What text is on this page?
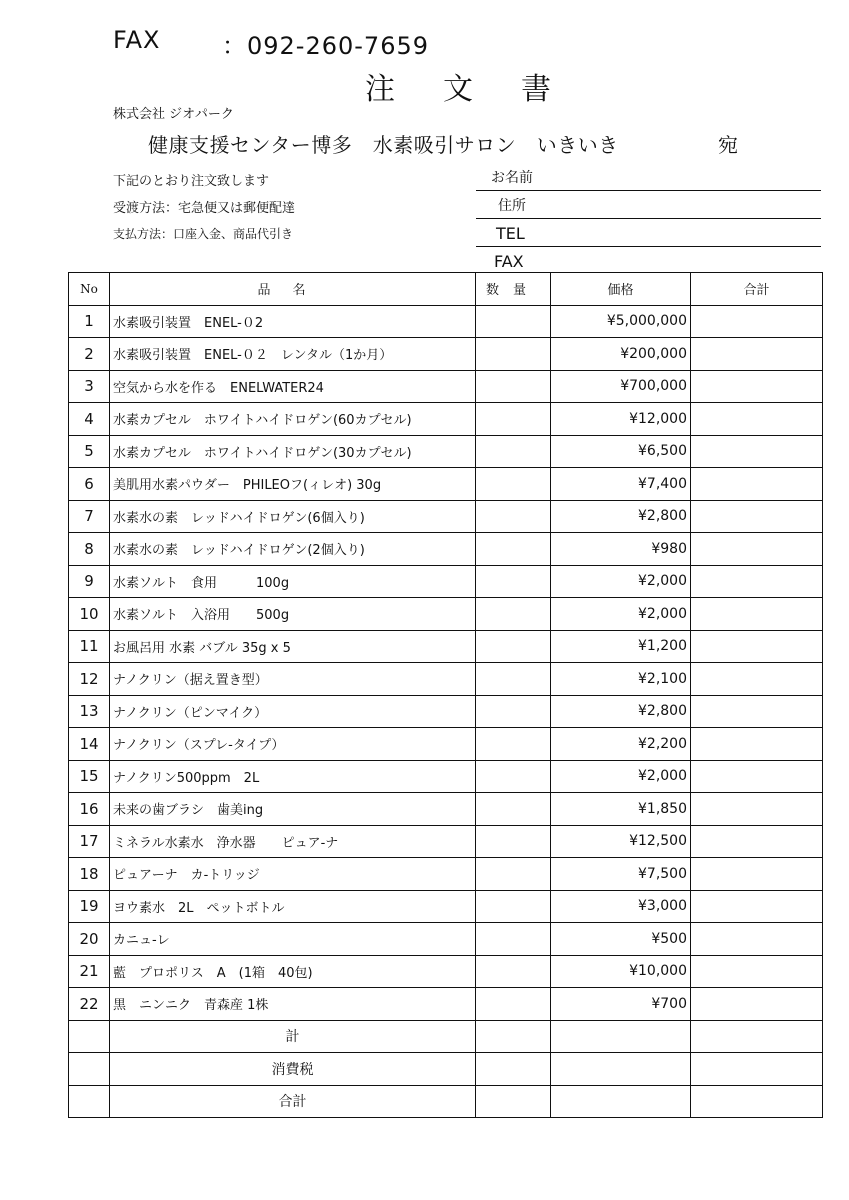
FAX	：092-260-7659
注文書
株式会社 ジオパーク
健康支援センター博多　水素吸引サロン　いきいき	宛
下記のとおり注文致します
受渡方法：宅急便又は郵便配達
支払方法：口座入金、商品代引き
お名前
住所
TEL
FAX
No	品名	数量	価格	合計
1	水素吸引装置　ENEL-０2		¥5,000,000	
2	水素吸引装置　ENEL-０２　レンタル（1か月）		¥200,000	
3	空気から水を作る　ENELWATER24		¥700,000	
4	水素カプセル　ホワイトハイドロゲン(60カプセル)		¥12,000	
5	水素カプセル　ホワイトハイドロゲン(30カプセル)		¥6,500	
6	美肌用水素パウダー　PHILEOフ(ィレオ) 30g		¥7,400	
7	水素水の素　レッドハイドロゲン(6個入り)		¥2,800	
8	水素水の素　レッドハイドロゲン(2個入り)		¥980	
9	水素ソルト　食用　　　100g		¥2,000	
10	水素ソルト　入浴用　　500g		¥2,000	
11	お風呂用 水素 バブル 35g x 5		¥1,200	
12	ナノクリン（据え置き型）		¥2,100	
13	ナノクリン（ピンマイク）		¥2,800	
14	ナノクリン（スプレ-タイプ）		¥2,200	
15	ナノクリン500ppm　2L		¥2,000	
16	未来の歯ブラシ　歯美ing		¥1,850	
17	ミネラル水素水　浄水器　　ピュア-ナ		¥12,500	
18	ピュアーナ　カ-トリッジ		¥7,500	
19	ヨウ素水　2L　ペットボトル		¥3,000	
20	カニュ-レ		¥500	
21	藍　プロポリス　A　(1箱　40包)		¥10,000	
22	黒　ニンニク　青森産 1株		¥700	
	計			
	消費税			
	合計			
